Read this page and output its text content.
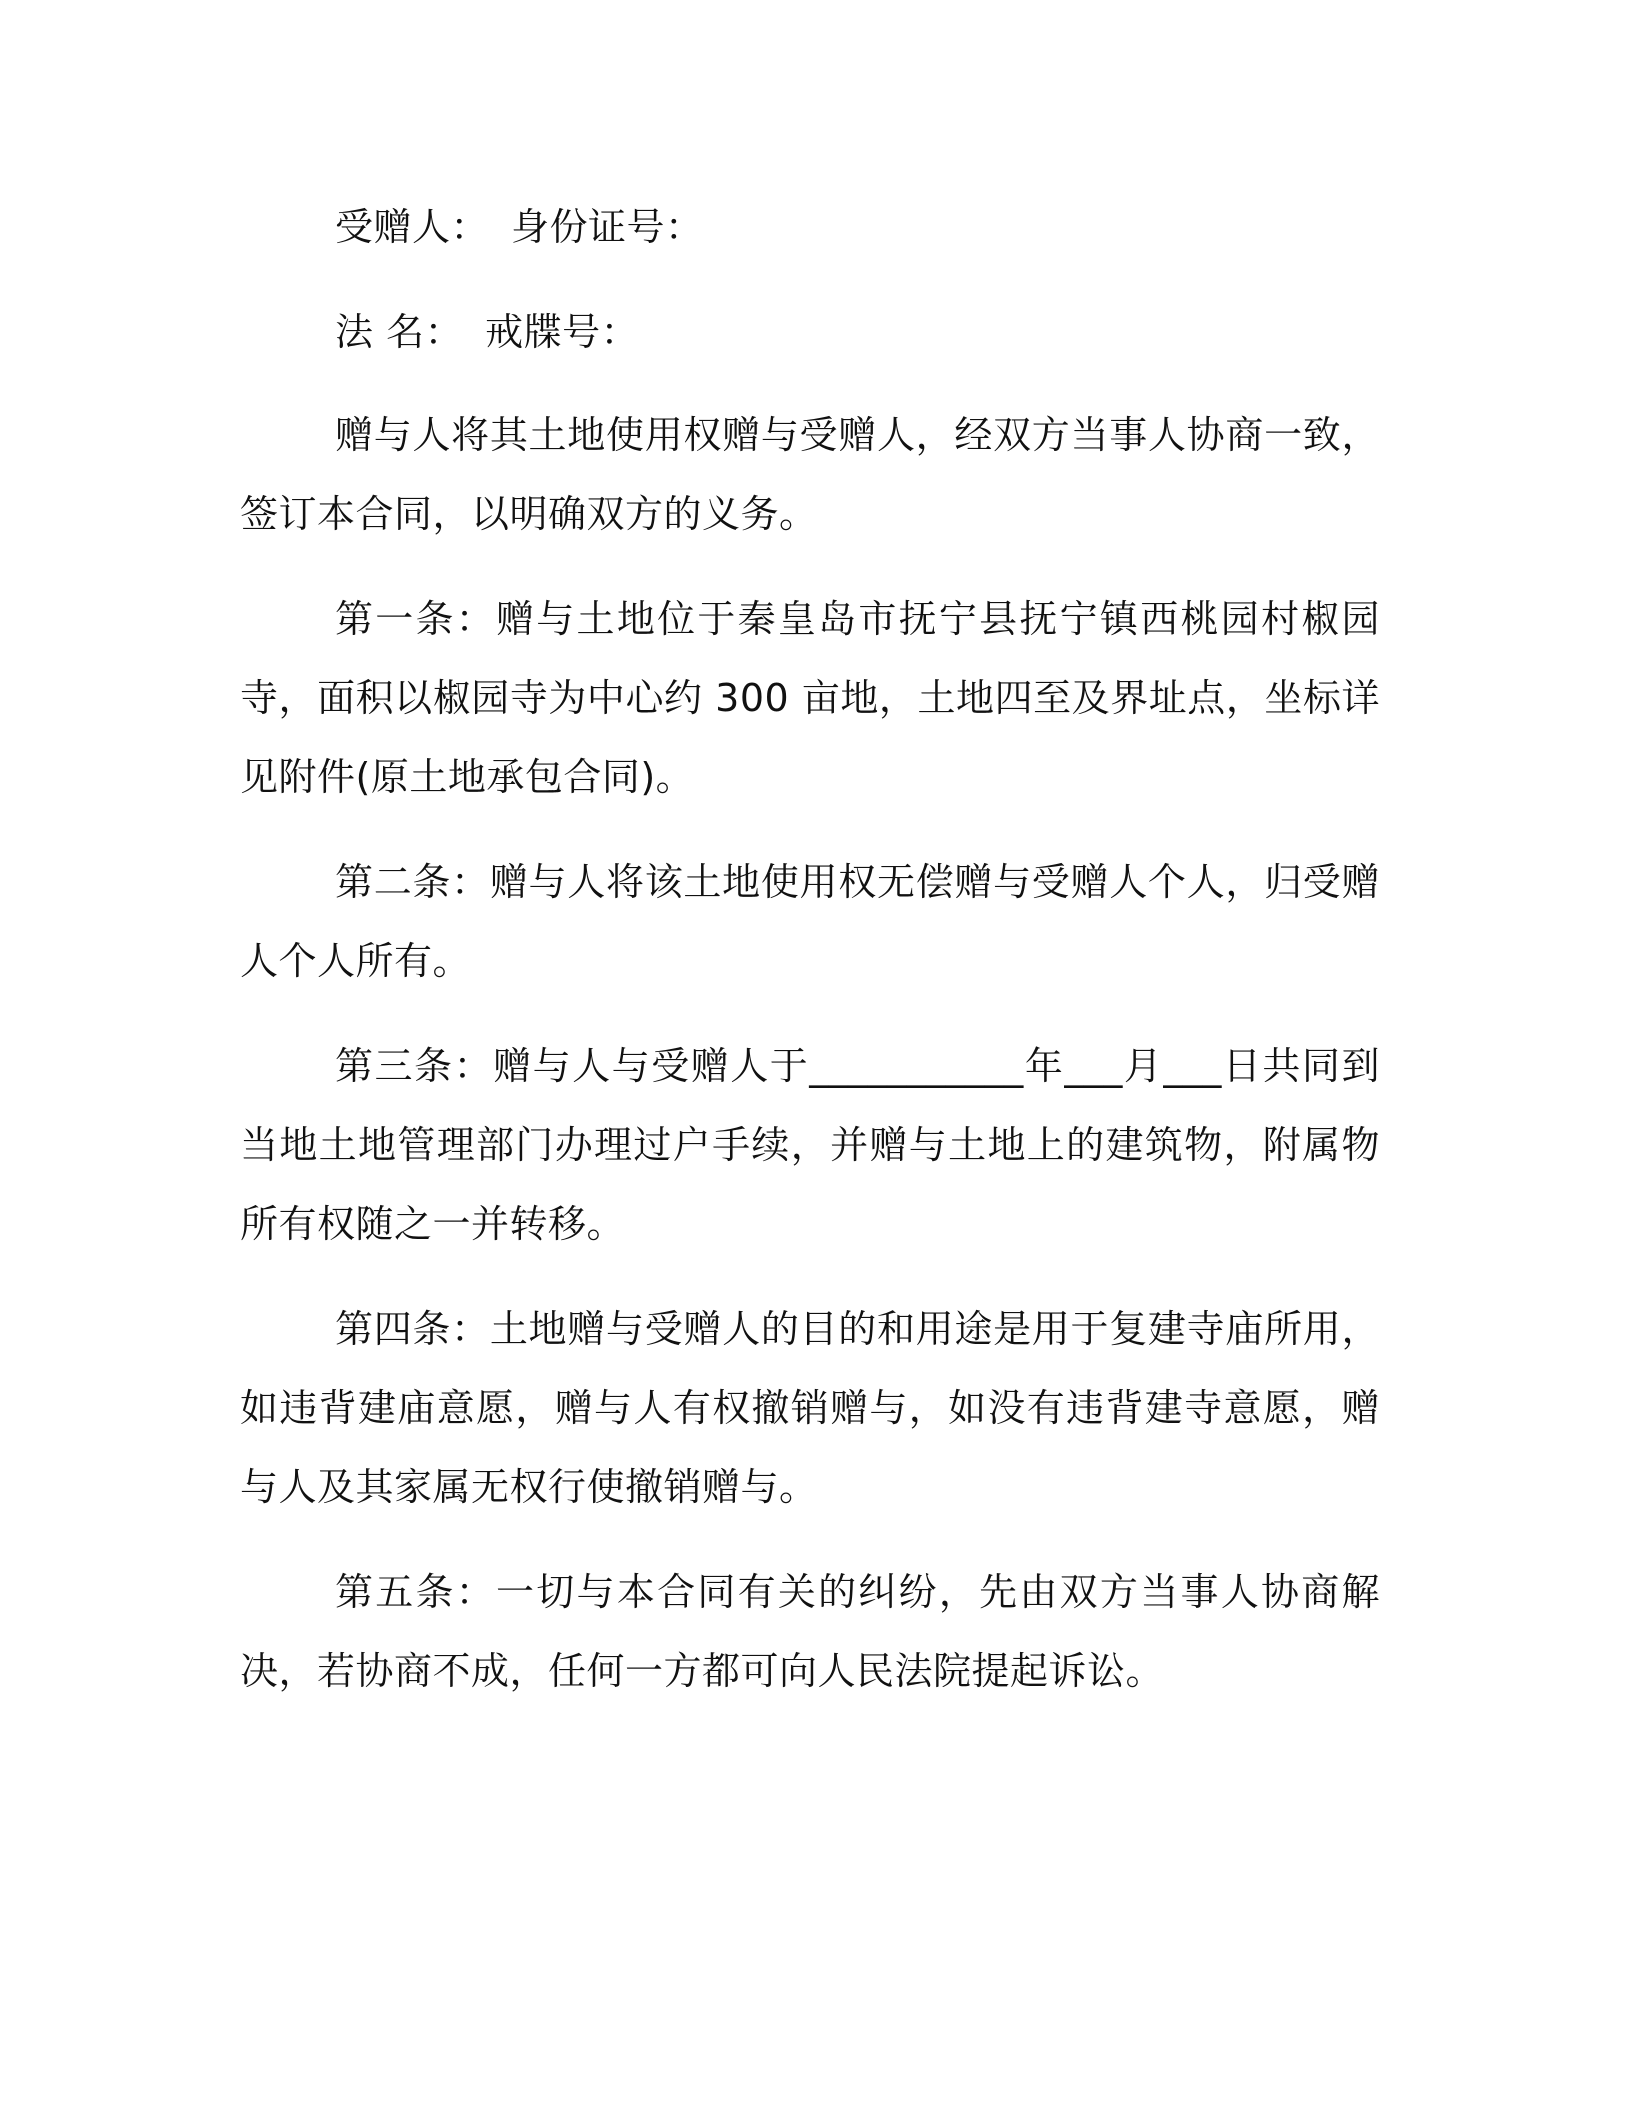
受赠人： 身份证号：

法 名： 戒牒号：

赠与人将其土地使用权赠与受赠人，经双方当事人协商一致，签订本合同，以明确双方的义务。

第一条：赠与土地位于秦皇岛市抚宁县抚宁镇西桃园村椒园寺，面积以椒园寺为中心约 300 亩地，土地四至及界址点，坐标详见附件(原土地承包合同)。

第二条：赠与人将该土地使用权无偿赠与受赠人个人，归受赠人个人所有。

第三条：赠与人与受赠人于___________年___月___日共同到当地土地管理部门办理过户手续，并赠与土地上的建筑物，附属物所有权随之一并转移。

第四条：土地赠与受赠人的目的和用途是用于复建寺庙所用，如违背建庙意愿，赠与人有权撤销赠与，如没有违背建寺意愿，赠与人及其家属无权行使撤销赠与。

第五条：一切与本合同有关的纠纷，先由双方当事人协商解决，若协商不成，任何一方都可向人民法院提起诉讼。
